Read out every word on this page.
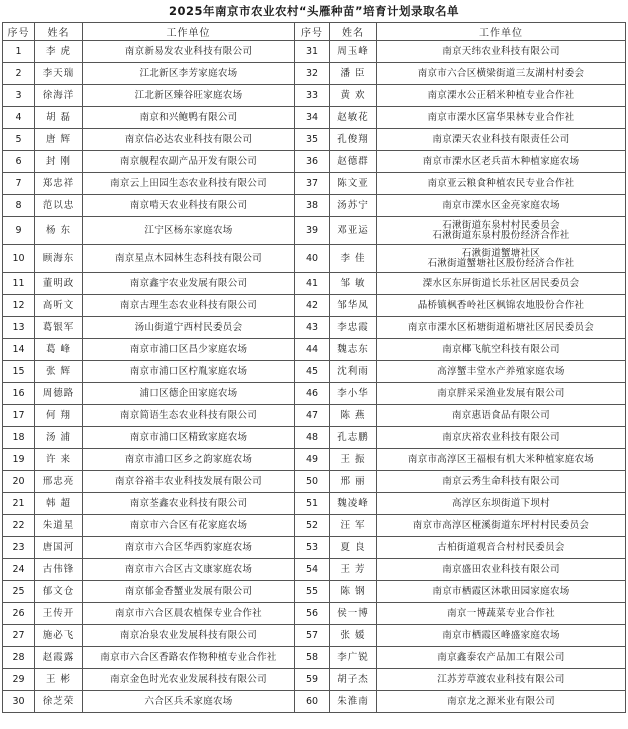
2025年南京市农业农村“头雁种苗”培育计划录取名单
序号	姓名	工作单位	序号	姓名	工作单位
1	李 虎	南京新易发农业科技有限公司	31	周玉峰	南京天纬农业科技有限公司
2	李天瑞	江北新区李芳家庭农场	32	潘 臣	南京市六合区横梁街道三友湖村村委会
3	徐海洋	江北新区臻谷旺家庭农场	33	黄 欢	南京溧水公正稻米种植专业合作社
4	胡 磊	南京和兴鲍鸭有限公司	34	赵敏花	南京市溧水区富华果林专业合作社
5	唐 辉	南京信必达农业科技有限公司	35	孔俊翔	南京溧天农业科技有限责任公司
6	封 刚	南京舰程农副产品开发有限公司	36	赵德群	南京市溧水区老兵苗木种植家庭农场
7	郑忠祥	南京云上田园生态农业科技有限公司	37	陈文亚	南京亚云粮食种植农民专业合作社
8	范以忠	南京啃天农业科技有限公司	38	汤苏宁	南京市溧水区金亮家庭农场
9	杨 东	江宁区杨东家庭农场	39	邓亚运	石湫街道东泉村村民委员会
石湫街道东泉村股份经济合作社

10	顾海东	南京星点木园林生态科技有限公司	40	李 佳	石湫街道蟹塘社区
石湫街道蟹塘社区股份经济合作社

11	董明政	南京鑫宇农业发展有限公司	41	邹 敏	溧水区东屏街道长乐社区居民委员会
12	高听文	南京古理生态农业科技有限公司	42	邹华凤	晶桥镇枫香岭社区枫锦农地股份合作社
13	葛银军	汤山街道宁西村民委员会	43	李忠霞	南京市溧水区柘塘街道柘塘社区居民委员会
14	葛 峰	南京市浦口区昌少家庭农场	44	魏志东	南京椰飞航空科技有限公司
15	张 辉	南京市浦口区柠胤家庭农场	45	沈利雨	高淳蟹丰堂水产养殖家庭农场
16	周德路	浦口区德企田家庭农场	46	李小华	南京胖采采渔业发展有限公司
17	何 翔	南京简语生态农业科技有限公司	47	陈 燕	南京惠语食品有限公司
18	汤 浦	南京市浦口区精致家庭农场	48	孔志鹏	南京庆裕农业科技有限公司
19	许 来	南京市浦口区乡之韵家庭农场	49	王 振	南京市高淳区王福根有机大米种植家庭农场
20	邢忠亮	南京谷裕丰农业科技发展有限公司	50	邢 丽	南京云秀生命科技有限公司
21	韩 超	南京荃鑫农业科技有限公司	51	魏凌峰	高淳区东坝街道下坝村
22	朱道星	南京市六合区有花家庭农场	52	汪 军	南京市高淳区桠溪街道东坪村村民委员会
23	唐国河	南京市六合区华西豹家庭农场	53	夏 良	古柏街道观音合村村民委员会
24	古伟锋	南京市六合区古文康家庭农场	54	王 芳	南京盛田农业科技有限公司
25	郁文仓	南京郁金香蟹业发展有限公司	55	陈 钢	南京市栖霞区沐歌田园家庭农场
26	王传开	南京市六合区晨农植保专业合作社	56	侯一博	南京一博蔬菜专业合作社
27	施必飞	南京冶泉农业发展科技有限公司	57	张 媛	南京市栖霞区峰盛家庭农场
28	赵霞露	南京市六合区香路农作物种植专业合作社	58	李广锐	南京鑫泰农产品加工有限公司
29	王 彬	南京金色时光农业发展科技有限公司	59	胡子杰	江苏芳草渡农业科技有限公司
30	徐芝荣	六合区兵禾家庭农场	60	朱淮南	南京龙之源米业有限公司
